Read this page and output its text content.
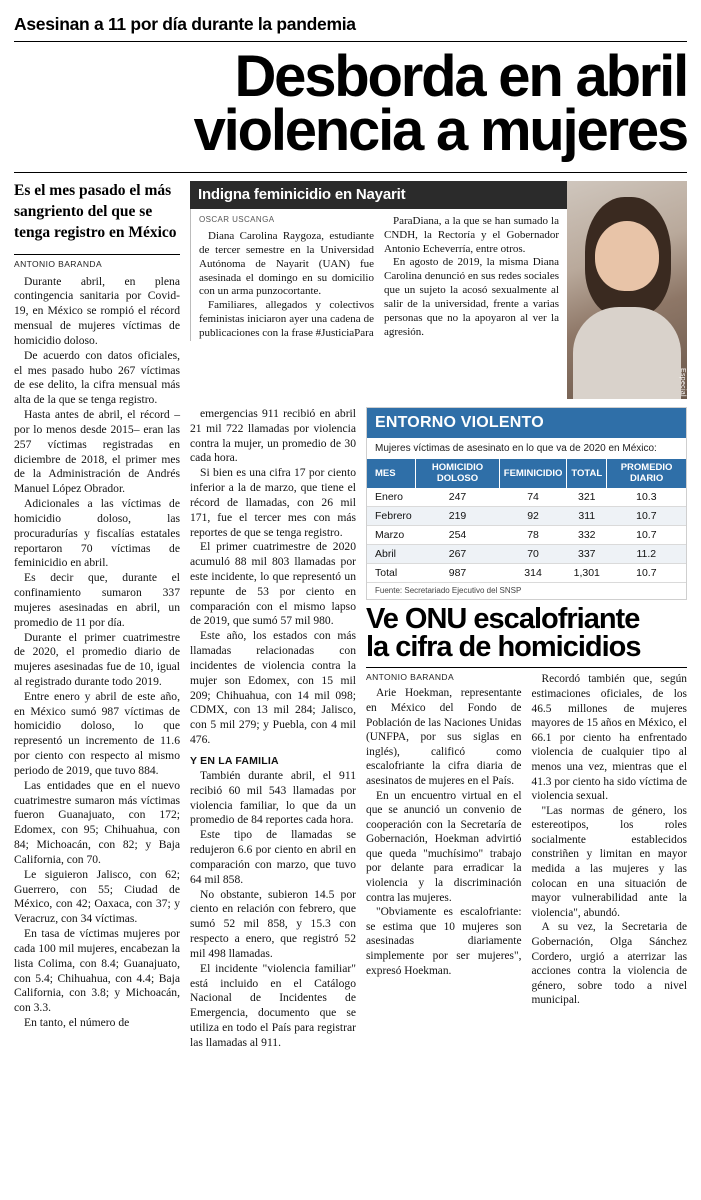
Asesinan a 11 por día durante la pandemia
Desborda en abril
violencia a mujeres
Es el mes pasado el más sangriento del que se tenga registro en México
ANTONIO BARANDA

Durante abril, en plena contingencia sanitaria por Covid-19, en México se rompió el récord mensual de mujeres víctimas de homicidio doloso.

De acuerdo con datos oficiales, el mes pasado hubo 267 víctimas de ese delito, la cifra mensual más alta de la que se tenga registro.

Hasta antes de abril, el récord –por lo menos desde 2015– eran las 257 víctimas registradas en diciembre de 2018, el primer mes de la Administración de Andrés Manuel López Obrador.

Adicionales a las víctimas de homicidio doloso, las procuradurías y fiscalías estatales reportaron 70 víctimas de feminicidio en abril.

Es decir que, durante el confinamiento sumaron 337 mujeres asesinadas en abril, un promedio de 11 por día.

Durante el primer cuatrimestre de 2020, el promedio diario de mujeres asesinadas fue de 10, igual al registrado durante todo 2019.

Entre enero y abril de este año, en México sumó 987 víctimas de homicidio doloso, lo que representó un incremento de 11.6 por ciento con respecto al mismo periodo de 2019, que tuvo 884.

Las entidades que en el nuevo cuatrimestre sumaron más víctimas fueron Guanajuato, con 172; Edomex, con 95; Chihuahua, con 84; Michoacán, con 82; y Baja California, con 70.

Le siguieron Jalisco, con 62; Guerrero, con 55; Ciudad de México, con 42; Oaxaca, con 37; y Veracruz, con 34 víctimas.

En tasa de víctimas mujeres por cada 100 mil mujeres, encabezan la lista Colima, con 8.4; Guanajuato, con 5.4; Chihuahua, con 4.4; Baja California, con 3.8; y Michoacán, con 3.3.

En tanto, el número de

Indigna feminicidio en Nayarit
OSCAR USCANGA

Diana Carolina Raygoza, estudiante de tercer semestre en la Universidad Autónoma de Nayarit (UAN) fue asesinada el domingo en su domicilio con un arma punzocortante.

Familiares, allegados y colectivos feministas iniciaron ayer una cadena de publicaciones con la frase #JusticiaPara

ParaDiana, a la que se han sumado la CNDH, la Rectoría y el Gobernador Antonio Echeverría, entre otros.

En agosto de 2019, la misma Diana Carolina denunció en sus redes sociales que un sujeto la acosó sexualmente al salir de la universidad, frente a varias personas que no la apoyaron al ver la agresión.

Especial

emergencias 911 recibió en abril 21 mil 722 llamadas por violencia contra la mujer, un promedio de 30 cada hora.

Si bien es una cifra 17 por ciento inferior a la de marzo, que tiene el récord de llamadas, con 26 mil 171, fue el tercer mes con más reportes de que se tenga registro.

El primer cuatrimestre de 2020 acumuló 88 mil 803 llamadas por este incidente, lo que representó un repunte de 53 por ciento en comparación con el mismo lapso de 2019, que sumó 57 mil 980.

Este año, los estados con más llamadas relacionadas con incidentes de violencia contra la mujer son Edomex, con 15 mil 209; Chihuahua, con 14 mil 098; CDMX, con 13 mil 284; Jalisco, con 5 mil 279; y Puebla, con 4 mil 476.

Y EN LA FAMILIA

También durante abril, el 911 recibió 60 mil 543 llamadas por violencia familiar, lo que da un promedio de 84 reportes cada hora.

Este tipo de llamadas se redujeron 6.6 por ciento en abril en comparación con marzo, que tuvo 64 mil 858.

No obstante, subieron 14.5 por ciento en relación con febrero, que sumó 52 mil 858, y 15.3 con respecto a enero, que registró 52 mil 498 llamadas.

El incidente "violencia familiar" está incluido en el Catálogo Nacional de Incidentes de Emergencia, documento que se utiliza en todo el País para registrar las llamadas al 911.

ENTORNO VIOLENTO
Mujeres víctimas de asesinato en lo que va de 2020 en México:
MES	HOMICIDIO DOLOSO	FEMINICIDIO	TOTAL	PROMEDIO DIARIO
Enero	247	74	321	10.3
Febrero	219	92	311	10.7
Marzo	254	78	332	10.7
Abril	267	70	337	11.2
Total	987	314	1,301	10.7
Fuente: Secretariado Ejecutivo del SNSP
Ve ONU escalofriante
la cifra de homicidios
ANTONIO BARANDA

Arie Hoekman, representante en México del Fondo de Población de las Naciones Unidas (UNFPA, por sus siglas en inglés), calificó como escalofriante la cifra diaria de asesinatos de mujeres en el País.

En un encuentro virtual en el que se anunció un convenio de cooperación con la Secretaría de Gobernación, Hoekman advirtió que queda "muchísimo" trabajo por delante para erradicar la violencia y la discriminación contra las mujeres.

"Obviamente es escalofriante: se estima que 10 mujeres son asesinadas diariamente simplemente por ser mujeres", expresó Hoekman.

Recordó también que, según estimaciones oficiales, de los 46.5 millones de mujeres mayores de 15 años en México, el 66.1 por ciento ha enfrentado violencia de cualquier tipo al menos una vez, mientras que el 41.3 por ciento ha sido víctima de violencia sexual.

"Las normas de género, los estereotipos, los roles socialmente establecidos constriñen y limitan en mayor medida a las mujeres y las colocan en una situación de mayor vulnerabilidad ante la violencia", abundó.

A su vez, la Secretaria de Gobernación, Olga Sánchez Cordero, urgió a aterrizar las acciones contra la violencia de género, sobre todo a nivel municipal.
